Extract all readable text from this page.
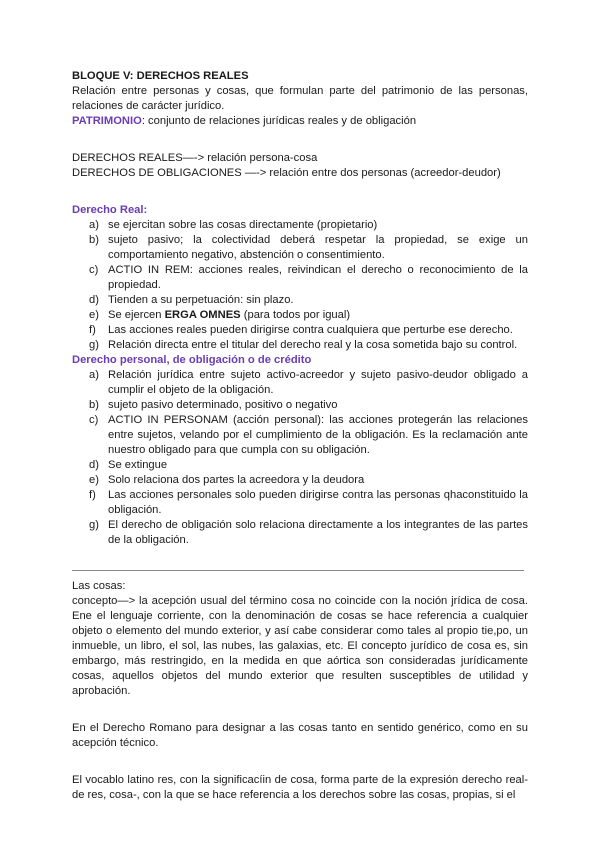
BLOQUE V: DERECHOS REALES

Relación entre personas y cosas, que formulan parte del patrimonio de las personas, relaciones de carácter jurídico.

PATRIMONIO: conjunto de relaciones jurídicas reales y de obligación

DERECHOS REALES—-> relación persona-cosa

DERECHOS DE OBLIGACIONES —-> relación entre dos personas (acreedor-deudor)

Derecho Real:

a) se ejercitan sobre las cosas directamente (propietario)
b) sujeto pasivo; la colectividad deberá respetar la propiedad, se exige un comportamiento negativo, abstención o consentimiento.
c) ACTIO IN REM: acciones reales, reivindican el derecho o reconocimiento de la propiedad.
d) Tienden a su perpetuación: sin plazo.
e) Se ejercen ERGA OMNES (para todos por igual)
f) Las acciones reales pueden dirigirse contra cualquiera que perturbe ese derecho.
g) Relación directa entre el titular del derecho real y la cosa sometida bajo su control.

Derecho personal, de obligación o de crédito

a) Relación jurídica entre sujeto activo-acreedor y sujeto pasivo-deudor obligado a cumplir el objeto de la obligación.
b) sujeto pasivo determinado, positivo o negativo
c) ACTIO IN PERSONAM (acción personal): las acciones protegerán las relaciones entre sujetos, velando por el cumplimiento de la obligación. Es la reclamación ante nuestro obligado para que cumpla con su obligación.
d) Se extingue
e) Solo relaciona dos partes la acreedora y la deudora
f) Las acciones personales solo pueden dirigirse contra las personas qhaconstituido la obligación.
g) El derecho de obligación solo relaciona directamente a los integrantes de las partes de la obligación.

Las cosas:

concepto—> la acepción usual del término cosa no coincide con la noción jrídica de cosa. Ene el lenguaje corriente, con la denominación de cosas se hace referencia a cualquier objeto o elemento del mundo exterior, y así cabe considerar como tales al propio tie,po, un inmueble, un libro, el sol, las nubes, las galaxias, etc. El concepto jurídico de cosa es, sin embargo, más restringido, en la medida en que aórtica son consideradas jurídicamente cosas, aquellos objetos del mundo exterior que resulten susceptibles de utilidad y aprobación.

En el Derecho Romano para designar a las cosas tanto en sentido genérico, como en su acepción técnico.

El vocablo latino res, con la significacíin de cosa, forma parte de la expresión derecho real- de res, cosa-, con la que se hace referencia a los derechos sobre las cosas, propias, si el
